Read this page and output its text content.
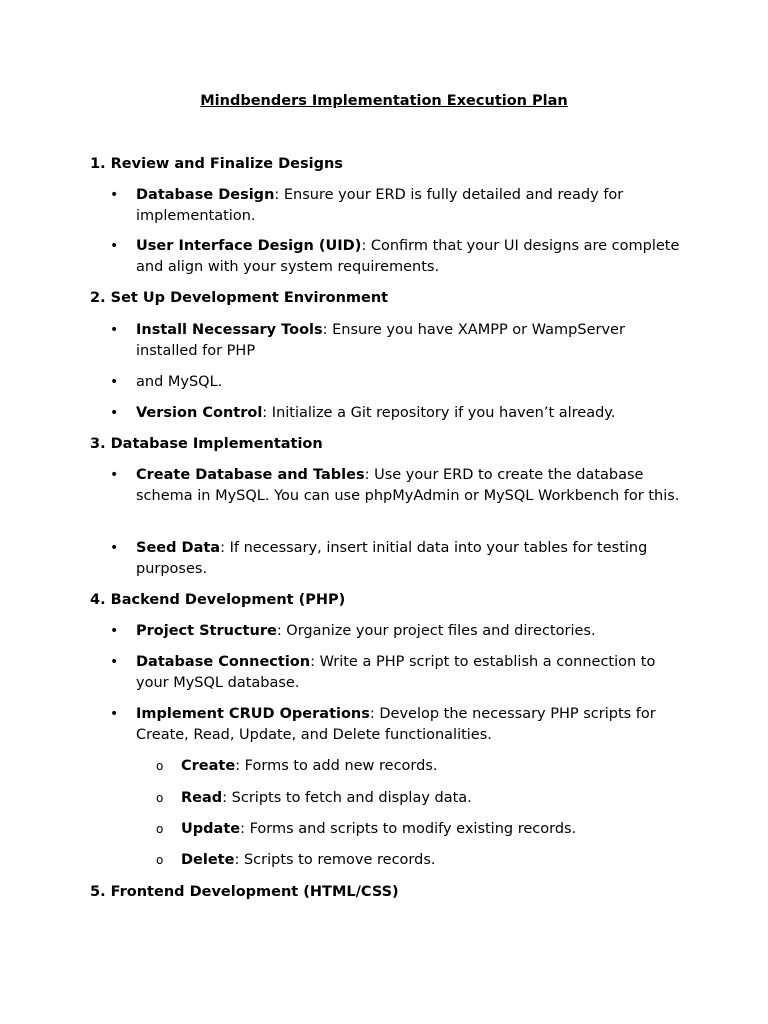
Mindbenders Implementation Execution Plan

1. Review and Finalize Designs

•	Database Design: Ensure your ERD is fully detailed and ready for implementation.
•	User Interface Design (UID): Confirm that your UI designs are complete and align with your system requirements.

2. Set Up Development Environment

•	Install Necessary Tools: Ensure you have XAMPP or WampServer installed for PHP
•	and MySQL.
•	Version Control: Initialize a Git repository if you haven’t already.

3. Database Implementation

•	Create Database and Tables: Use your ERD to create the database schema in MySQL. You can use phpMyAdmin or MySQL Workbench for this.
•	Seed Data: If necessary, insert initial data into your tables for testing purposes.

4. Backend Development (PHP)

•	Project Structure: Organize your project files and directories.
•	Database Connection: Write a PHP script to establish a connection to your MySQL database.
•	Implement CRUD Operations: Develop the necessary PHP scripts for Create, Read, Update, and Delete functionalities.
o Create: Forms to add new records.
o Read: Scripts to fetch and display data.
o Update: Forms and scripts to modify existing records.
o Delete: Scripts to remove records.

5. Frontend Development (HTML/CSS)
